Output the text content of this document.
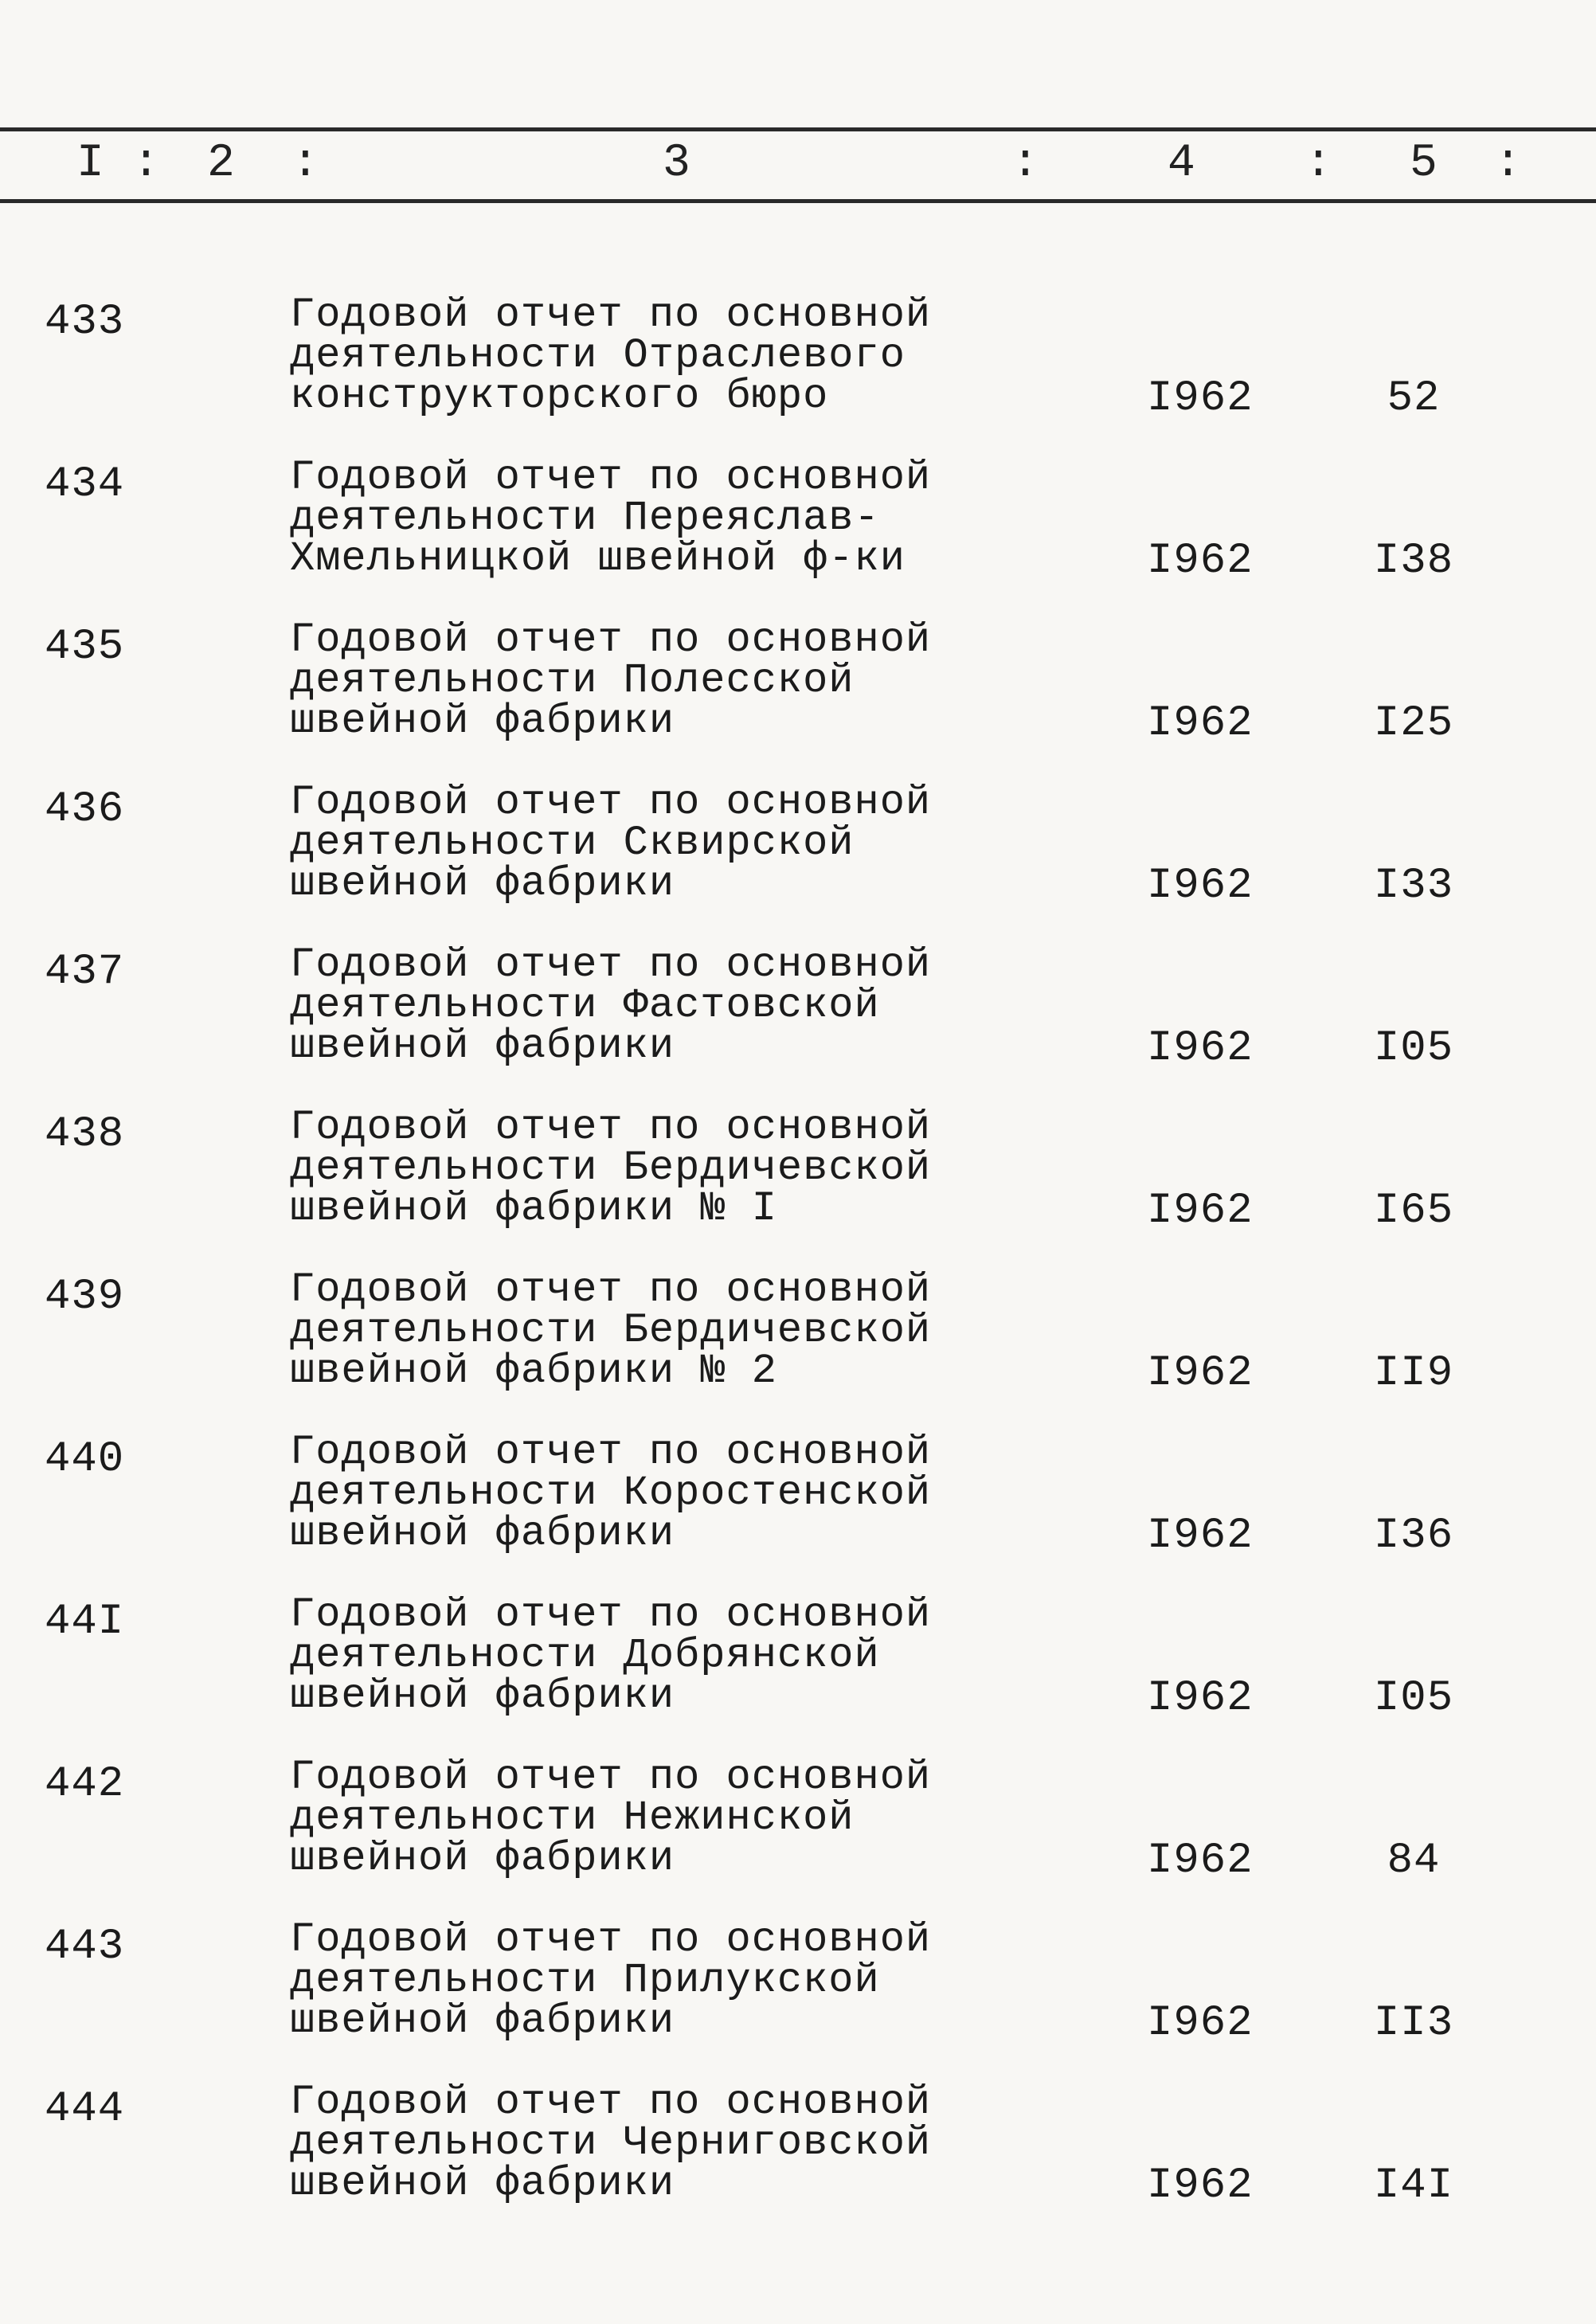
I : 2 :	3	:	4 : 5 :
433	Годовой отчет по основной
деятельности Отраслевого
конструкторского бюро	I962	52
434	Годовой отчет по основной
деятельности Переяслав-
Хмельницкой швейной ф-ки	I962	I38
435	Годовой отчет по основной
деятельности Полесской
швейной фабрики	I962	I25
436	Годовой отчет по основной
деятельности Сквирской
швейной фабрики	I962	I33
437	Годовой отчет по основной
деятельности Фастовской
швейной фабрики	I962	I05
438	Годовой отчет по основной
деятельности Бердичевской
швейной фабрики № I	I962	I65
439	Годовой отчет по основной
деятельности Бердичевской
швейной фабрики № 2	I962	II9
440	Годовой отчет по основной
деятельности Коростенской
швейной фабрики	I962	I36
44I	Годовой отчет по основной
деятельности Добрянской
швейной фабрики	I962	I05
442	Годовой отчет по основной
деятельности Нежинской
швейной фабрики	I962	84
443	Годовой отчет по основной
деятельности Прилукской
швейной фабрики	I962	II3
444	Годовой отчет по основной
деятельности Черниговской
швейной фабрики	I962	I4I
